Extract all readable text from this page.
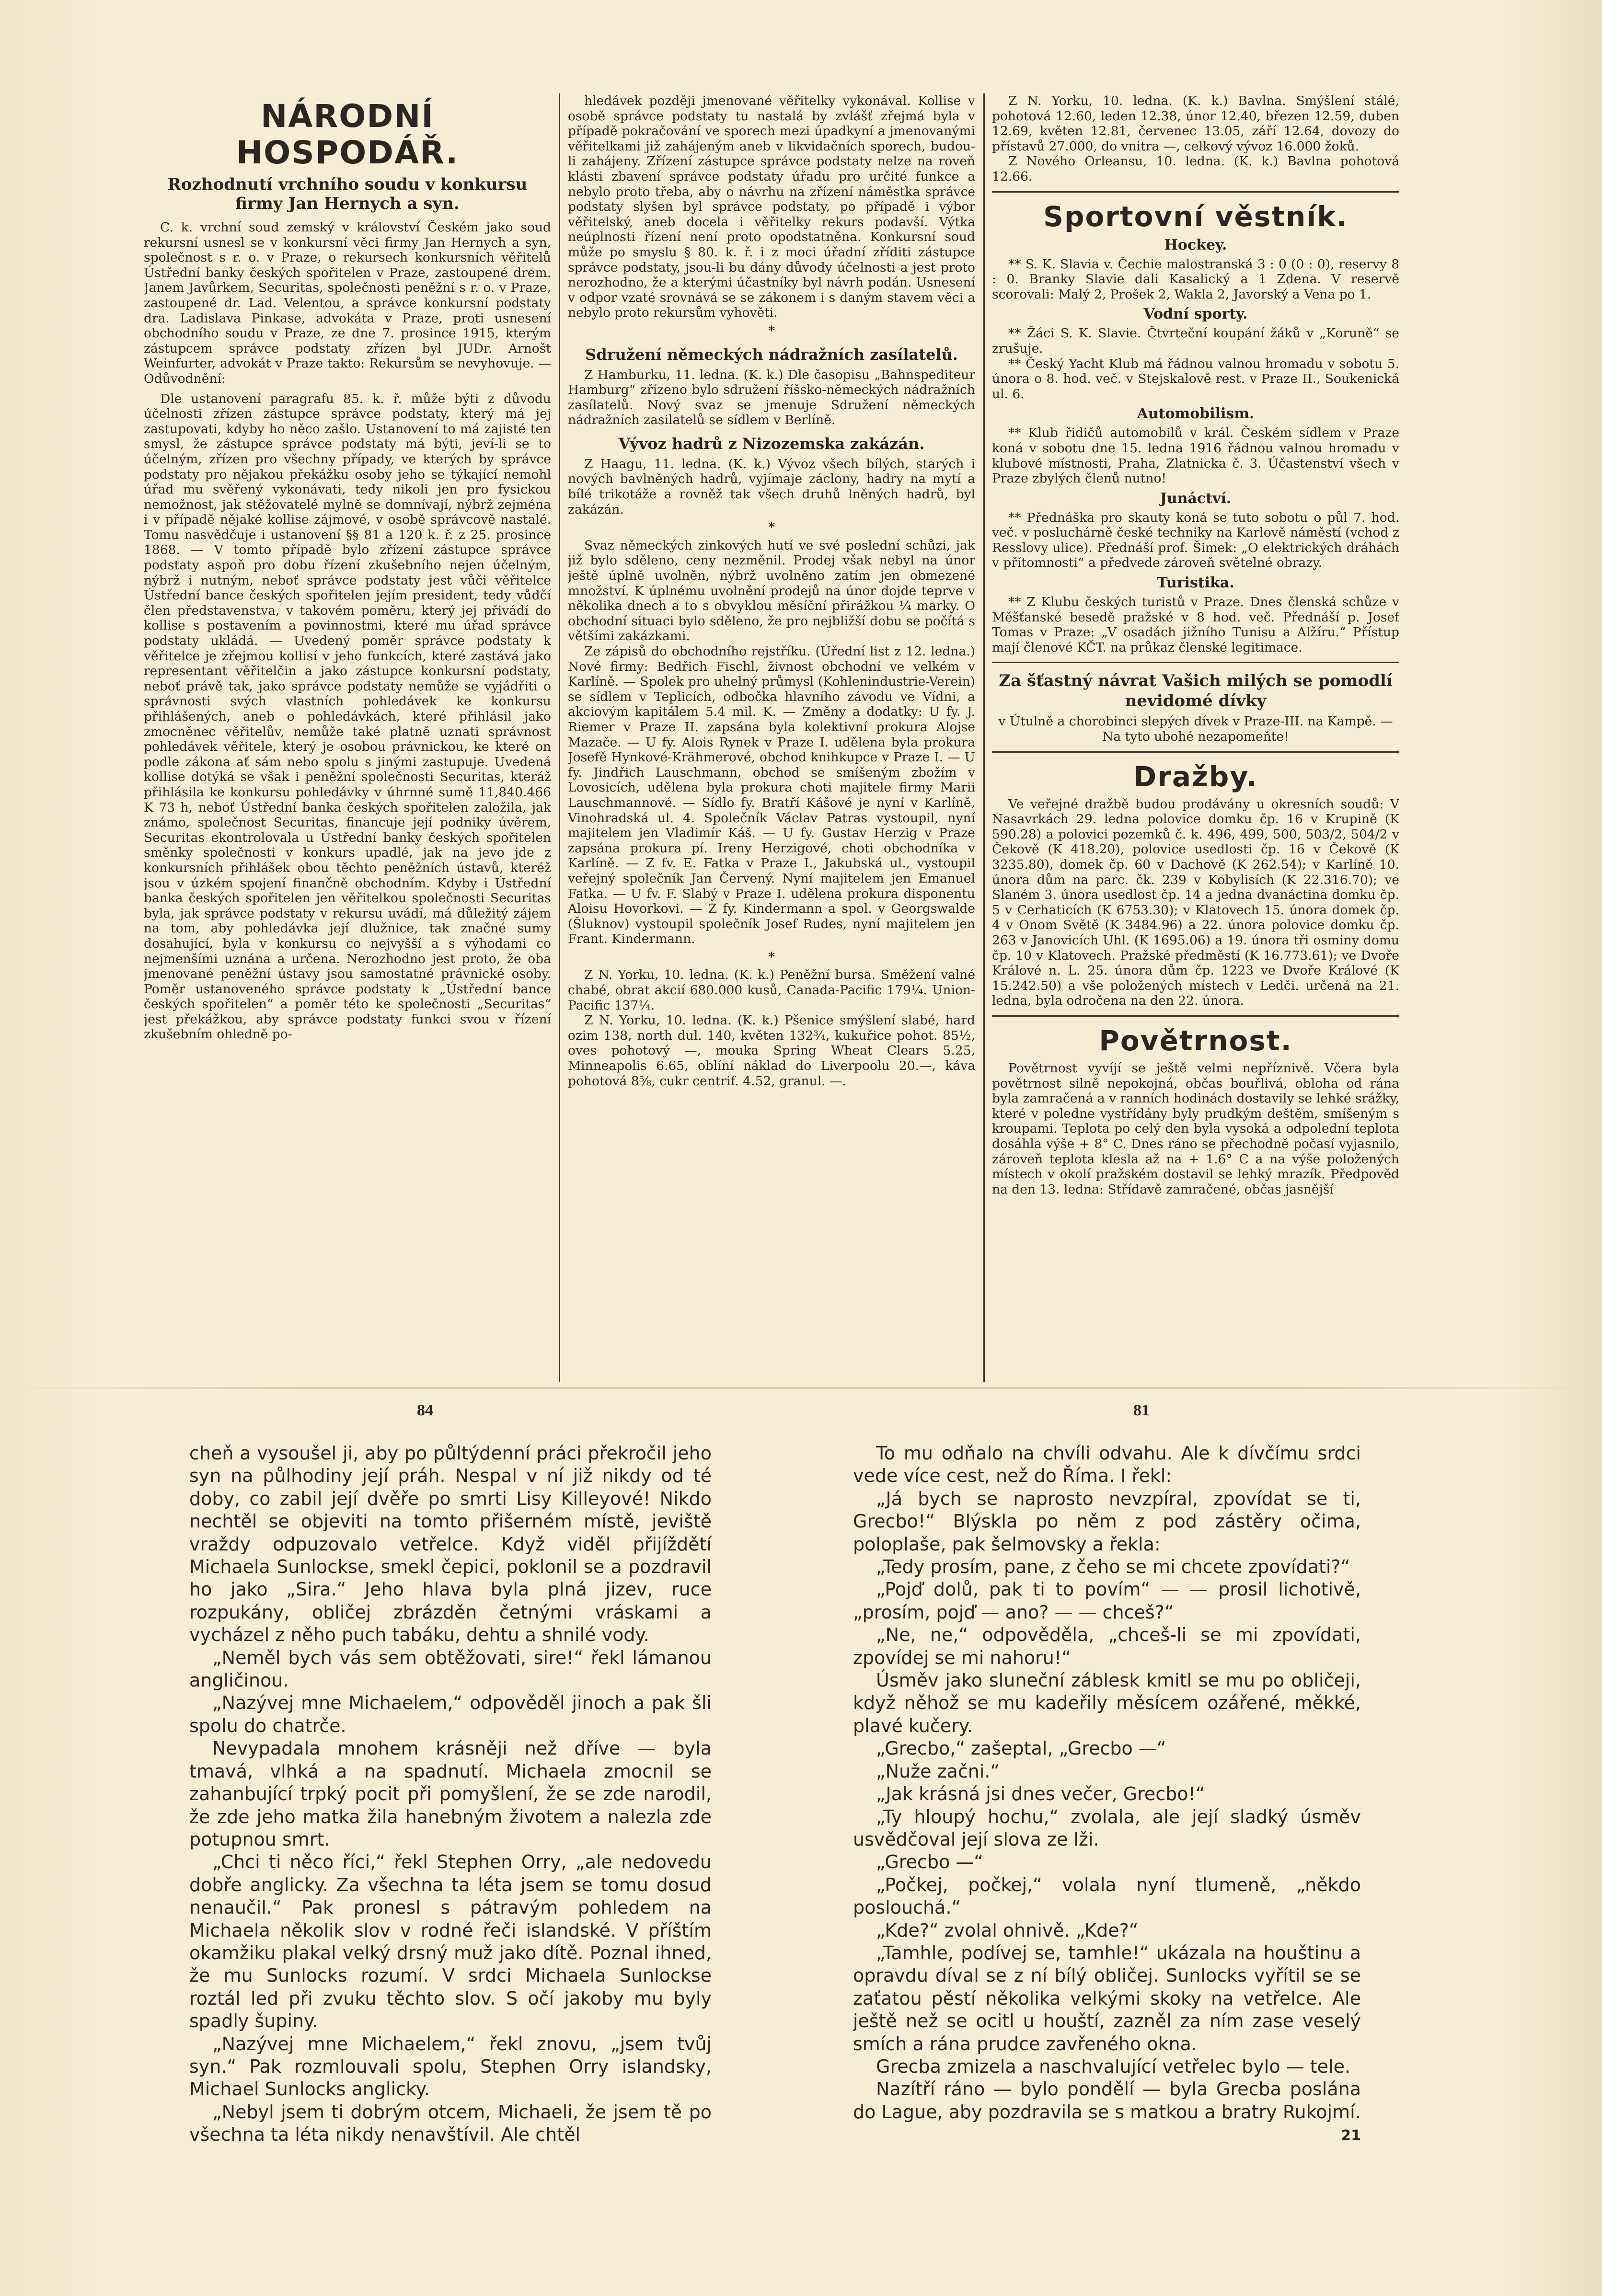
NÁRODNÍ HOSPODÁŘ.
Rozhodnutí vrchního soudu v konkursu firmy Jan Hernych a syn.

C. k. vrchní soud zemský v království Českém jako soud rekursní usnesl se v konkursní věci firmy Jan Hernych a syn, společnost s r. o. v Praze, o rekursech konkursních věřitelů Ústřední banky českých spořitelen v Praze, zastoupené drem. Janem Javůrkem, Securitas, společnosti peněžní s r. o. v Praze, zastoupené dr. Lad. Velentou, a správce konkursní podstaty dra. Ladislava Pinkase, advokáta v Praze, proti usnesení obchodního soudu v Praze, ze dne 7. prosince 1915, kterým zástupcem správce podstaty zřízen byl JUDr. Arnošt Weinfurter, advokát v Praze takto: Rekursům se nevyhovuje. — Odůvodnění:

Dle ustanovení paragrafu 85. k. ř. může býti z důvodu účelnosti zřízen zástupce správce podstaty, který má jej zastupovati, kdyby ho něco zašlo. Ustanovení to má zajisté ten smysl, že zástupce správce podstaty má býti, jeví-li se to účelným, zřízen pro všechny případy, ve kterých by správce podstaty pro nějakou překážku osoby jeho se týkající nemohl úřad mu svěřený vykonávati, tedy nikoli jen pro fysickou nemožnost, jak stěžovatelé mylně se domnívají, nýbrž zejména i v případě nějaké kollise zájmové, v osobě správcově nastalé. Tomu nasvědčuje i ustanovení §§ 81 a 120 k. ř. z 25. prosince 1868. — V tomto případě bylo zřízení zástupce správce podstaty aspoň pro dobu řízení zkušebního nejen účelným, nýbrž i nutným, neboť správce podstaty jest vůči věřitelce Ústřední bance českých spořitelen jejím president, tedy vůdčí člen představenstva, v takovém poměru, který jej přivádí do kollise s postavením a povinnostmi, které mu úřad správce podstaty ukládá. — Uvedený poměr správce podstaty k věřitelce je zřejmou kollisí v jeho funkcích, které zastává jako representant věřitelčin a jako zástupce konkursní podstaty, neboť právě tak, jako správce podstaty nemůže se vyjádřiti o správnosti svých vlastních pohledávek ke konkursu přihlášených, aneb o pohledávkách, které přihlásil jako zmocněnec věřitelův, nemůže také platně uznati správnost pohledávek věřitele, který je osobou právnickou, ke které on podle zákona ať sám nebo spolu s jinými zastupuje. Uvedená kollise dotýká se však i peněžní společnosti Securitas, kteráž přihlásila ke konkursu pohledávky v úhrnné sumě 11,840.466 K 73 h, neboť Ústřední banka českých spořitelen založila, jak známo, společnost Securitas, financuje její podniky úvěrem, Securitas ekontrolovala u Ústřední banky českých spořitelen směnky společnosti v konkurs upadlé, jak na jevo jde z konkursních přihlášek obou těchto peněžních ústavů, kteréž jsou v úzkém spojení finančně obchodním. Kdyby i Ústřední banka českých spořitelen jen věřitelkou společnosti Securitas byla, jak správce podstaty v rekursu uvádí, má důležitý zájem na tom, aby pohledávka její dlužnice, tak značné sumy dosahující, byla v konkursu co nejvyšší a s výhodami co nejmenšími uznána a určena. Nerozhodno jest proto, že oba jmenované peněžní ústavy jsou samostatné právnické osoby. Poměr ustanoveného správce podstaty k „Ústřední bance českých spořitelen“ a poměr této ke společnosti „Securitas“ jest překážkou, aby správce podstaty funkci svou v řízení zkušebním ohledně po-

hledávek později jmenované věřitelky vykonával. Kollise v osobě správce podstaty tu nastalá by zvlášť zřejmá byla v případě pokračování ve sporech mezi úpadkyní a jmenovanými věřitelkami již zahájeným aneb v likvidačních sporech, budou-li zahájeny. Zřízení zástupce správce podstaty nelze na roveň klásti zbavení správce podstaty úřadu pro určité funkce a nebylo proto třeba, aby o návrhu na zřízení náměstka správce podstaty slyšen byl správce podstaty, po případě i výbor věřitelský, aneb docela i věřitelky rekurs podavší. Výtka neúplnosti řízení není proto opodstatněna. Konkursní soud může po smyslu § 80. k. ř. i z moci úřadní zříditi zástupce správce podstaty, jsou-li bu dány důvody účelnosti a jest proto nerozhodno, že a kterými účastníky byl návrh podán. Usnesení v odpor vzaté srovnává se se zákonem i s daným stavem věci a nebylo proto rekursům vyhověti.

*
Sdružení německých nádražních zasílatelů.

Z Hamburku, 11. ledna. (K. k.) Dle časopisu „Bahnspediteur Hamburg“ zřízeno bylo sdružení říšsko-německých nádražních zasílatelů. Nový svaz se jmenuje Sdružení německých nádražních zasilatelů se sídlem v Berlíně.

Vývoz hadrů z Nizozemska zakázán.

Z Haagu, 11. ledna. (K. k.) Vývoz všech bílých, starých i nových bavlněných hadrů, vyjímaje záclony, hadry na mytí a bílé trikotáže a rovněž tak všech druhů lněných hadrů, byl zakázán.

*

Svaz německých zinkových hutí ve své poslední schůzi, jak již bylo sděleno, ceny nezměnil. Prodej však nebyl na únor ještě úplně uvolněn, nýbrž uvolněno zatím jen obmezené množství. K úplnému uvolnění prodejů na únor dojde teprve v několika dnech a to s obvyklou měsíční přirážkou ¼ marky. O obchodní situaci bylo sděleno, že pro nejbližší dobu se počítá s většími zakázkami.

Ze zápisů do obchodního rejstříku. (Úřední list z 12. ledna.) Nové firmy: Bedřich Fischl, živnost obchodní ve velkém v Karlíně. — Spolek pro uhelný průmysl (Kohlenindustrie-Verein) se sídlem v Teplicích, odbočka hlavního závodu ve Vídni, a akciovým kapitálem 5.4 mil. K. — Změny a dodatky: U fy. J. Riemer v Praze II. zapsána byla kolektivní prokura Alojse Mazače. — U fy. Alois Rynek v Praze I. udělena byla prokura Josefě Hynkové-Krähmerové, obchod knihkupce v Praze I. — U fy. Jindřich Lauschmann, obchod se smíšeným zbožím v Lovosicích, udělena byla prokura choti majitele firmy Marii Lauschmannové. — Sídlo fy. Bratří Kášové je nyní v Karlíně, Vinohradská ul. 4. Společník Václav Patras vystoupil, nyní majitelem jen Vladimír Káš. — U fy. Gustav Herzig v Praze zapsána prokura pí. Ireny Herzigové, choti obchodníka v Karlíně. — Z fv. E. Fatka v Praze I., Jakubská ul., vystoupil veřejný společník Jan Červený. Nyní majitelem jen Emanuel Fatka. — U fv. F. Slabý v Praze I. udělena prokura disponentu Aloisu Hovorkovi. — Z fy. Kindermann a spol. v Georgswalde (Šluknov) vystoupil společník Josef Rudes, nyní majitelem jen Frant. Kindermann.

*

Z N. Yorku, 10. ledna. (K. k.) Peněžní bursa. Směžení valné chabé, obrat akcií 680.000 kusů, Canada-Pacific 179¼. Union-Pacific 137¼.

Z N. Yorku, 10. ledna. (K. k.) Pšenice smýšlení slabé, hard ozim 138, north dul. 140, květen 132¾, kukuřice pohot. 85½, oves pohotový —, mouka Spring Wheat Clears 5.25, Minneapolis 6.65, oblíní náklad do Liverpoolu 20.—, káva pohotová 8⅝, cukr centrif. 4.52, granul. —.

Z N. Yorku, 10. ledna. (K. k.) Bavlna. Smýšlení stálé, pohotová 12.60, leden 12.38, únor 12.40, březen 12.59, duben 12.69, květen 12.81, červenec 13.05, září 12.64, dovozy do přístavů 27.000, do vnitra —, celkový vývoz 16.000 žoků.

Z Nového Orleansu, 10. ledna. (K. k.) Bavlna pohotová 12.66.

Sportovní věstník.
Hockey.

** S. K. Slavia v. Čechie malostranská 3 : 0 (0 : 0), reservy 8 : 0. Branky Slavie dali Kasalický a 1 Zdena. V reservě scorovali: Malý 2, Prošek 2, Wakla 2, Javorský a Vena po 1.

Vodní sporty.

** Žáci S. K. Slavie. Čtvrteční koupání žáků v „Koruně“ se zrušuje.

** Český Yacht Klub má řádnou valnou hromadu v sobotu 5. února o 8. hod. več. v Stejskalově rest. v Praze II., Soukenická ul. 6.

Automobilism.

** Klub řidičů automobilů v král. Českém sídlem v Praze koná v sobotu dne 15. ledna 1916 řádnou valnou hromadu v klubové místnosti, Praha, Zlatnicka č. 3. Účastenství všech v Praze zbylých členů nutno!

Junáctví.

** Přednáška pro skauty koná se tuto sobotu o půl 7. hod. več. v posluchárně české techniky na Karlově náměstí (vchod z Resslovy ulice). Přednáší prof. Šimek: „O elektrických dráhách v přítomnosti“ a předvede zároveň světelné obrazy.

Turistika.

** Z Klubu českých turistů v Praze. Dnes členská schůze v Měšťanské besedě pražské v 8 hod. več. Přednáší p. Josef Tomas v Praze: „V osadách jižního Tunisu a Alžíru.“ Přístup mají členové KČT. na průkaz členské legitimace.

Za šťastný návrat Vašich milých se pomodlí nevidomé dívky
v Útulně a chorobinci slepých dívek v Praze-III. na Kampě. — Na tyto ubohé nezapomeňte!
Dražby.

Ve veřejné dražbě budou prodávány u okresních soudů: V Nasavrkách 29. ledna polovice domku čp. 16 v Krupině (K 590.28) a polovici pozemků č. k. 496, 499, 500, 503/2, 504/2 v Čekově (K 418.20), polovice usedlosti čp. 16 v Čekově (K 3235.80), domek čp. 60 v Dachově (K 262.54); v Karlíně 10. února dům na parc. čk. 239 v Kobylisích (K 22.316.70); ve Slaném 3. února usedlost čp. 14 a jedna dvanáctina domku čp. 5 v Cerhaticích (K 6753.30); v Klatovech 15. února domek čp. 4 v Onom Světě (K 3484.96) a 22. února polovice domku čp. 263 v Janovicích Uhl. (K 1695.06) a 19. února tři osminy domu čp. 10 v Klatovech. Pražské předměstí (K 16.773.61); ve Dvoře Králové n. L. 25. února dům čp. 1223 ve Dvoře Králové (K 15.242.50) a vše položených místech v Ledči. určená na 21. ledna, byla odročena na den 22. února.

Povětrnost.

Povětrnost vyvíjí se ještě velmi nepříznivě. Včera byla povětrnost silně nepokojná, občas bouřlivá, obloha od rána byla zamračená a v ranních hodinách dostavily se lehké srážky, které v poledne vystřídány byly prudkým deštěm, smíšeným s kroupami. Teplota po celý den byla vysoká a odpolední teplota dosáhla výše + 8° C. Dnes ráno se přechodně počasí vyjasnilo, zároveň teplota klesla až na + 1.6° C a na výše položených místech v okolí pražském dostavil se lehký mrazík. Předpověď na den 13. ledna: Střídavě zamračené, občas jasnější

84	81

cheň a vysoušel ji, aby po půltýdenní práci překročil jeho syn na půlhodiny její práh. Nespal v ní již nikdy od té doby, co zabil její dvěře po smrti Lisy Killeyové! Nikdo nechtěl se objeviti na tomto přišerném místě, jeviště vraždy odpuzovalo vetřelce. Když viděl přijíždětí Michaela Sunlockse, smekl čepici, poklonil se a pozdravil ho jako „Sira.“ Jeho hlava byla plná jizev, ruce rozpukány, obličej zbrázděn četnými vráskami a vycházel z něho puch tabáku, dehtu a shnilé vody.

„Neměl bych vás sem obtěžovati, sire!“ řekl lámanou angličinou.

„Nazývej mne Michaelem,“ odpověděl jinoch a pak šli spolu do chatrče.

Nevypadala mnohem krásněji než dříve — byla tmavá, vlhká a na spadnutí. Michaela zmocnil se zahanbující trpký pocit při pomyšlení, že se zde narodil, že zde jeho matka žila hanebným životem a nalezla zde potupnou smrt.

„Chci ti něco říci,“ řekl Stephen Orry, „ale nedovedu dobře anglicky. Za všechna ta léta jsem se tomu dosud nenaučil.“ Pak pronesl s pátravým pohledem na Michaela několik slov v rodné řeči islandské. V příštím okamžiku plakal velký drsný muž jako dítě. Poznal ihned, že mu Sunlocks rozumí. V srdci Michaela Sunlockse roztál led při zvuku těchto slov. S očí jakoby mu byly spadly šupiny.

„Nazývej mne Michaelem,“ řekl znovu, „jsem tvůj syn.“ Pak rozmlouvali spolu, Stephen Orry islandsky, Michael Sunlocks anglicky.

„Nebyl jsem ti dobrým otcem, Michaeli, že jsem tě po všechna ta léta nikdy nenavštívil. Ale chtěl

To mu odňalo na chvíli odvahu. Ale k dívčímu srdci vede více cest, než do Říma. I řekl:

„Já bych se naprosto nevzpíral, zpovídat se ti, Grecbo!“ Blýskla po něm z pod zástěry očima, poloplaše, pak šelmovsky a řekla:

„Tedy prosím, pane, z čeho se mi chcete zpovídati?“

„Pojď dolů, pak ti to povím“ — — prosil lichotivě, „prosím, pojď — ano? — — chceš?“

„Ne, ne,“ odpověděla, „chceš-li se mi zpovídati, zpovídej se mi nahoru!“

Úsměv jako sluneční záblesk kmitl se mu po obličeji, když něhož se mu kadeřily měsícem ozářené, měkké, plavé kučery.

„Grecbo,“ zašeptal, „Grecbo —“

„Nuže začni.“

„Jak krásná jsi dnes večer, Grecbo!“

„Ty hloupý hochu,“ zvolala, ale její sladký úsměv usvědčoval její slova ze lži.

„Grecbo —“

„Počkej, počkej,“ volala nyní tlumeně, „někdo poslouchá.“

„Kde?“ zvolal ohnivě. „Kde?“

„Tamhle, podívej se, tamhle!“ ukázala na houštinu a opravdu díval se z ní bílý obličej. Sunlocks vyřítil se se zaťatou pěstí několika velkými skoky na vetřelce. Ale ještě než se ocitl u houští, zazněl za ním zase veselý smích a rána prudce zavřeného okna.

Grecba zmizela a naschvalující vetřelec bylo — tele.

Nazítří ráno — bylo pondělí — byla Grecba poslána do Lague, aby pozdravila se s matkou a bratry Rukojmí.

21
